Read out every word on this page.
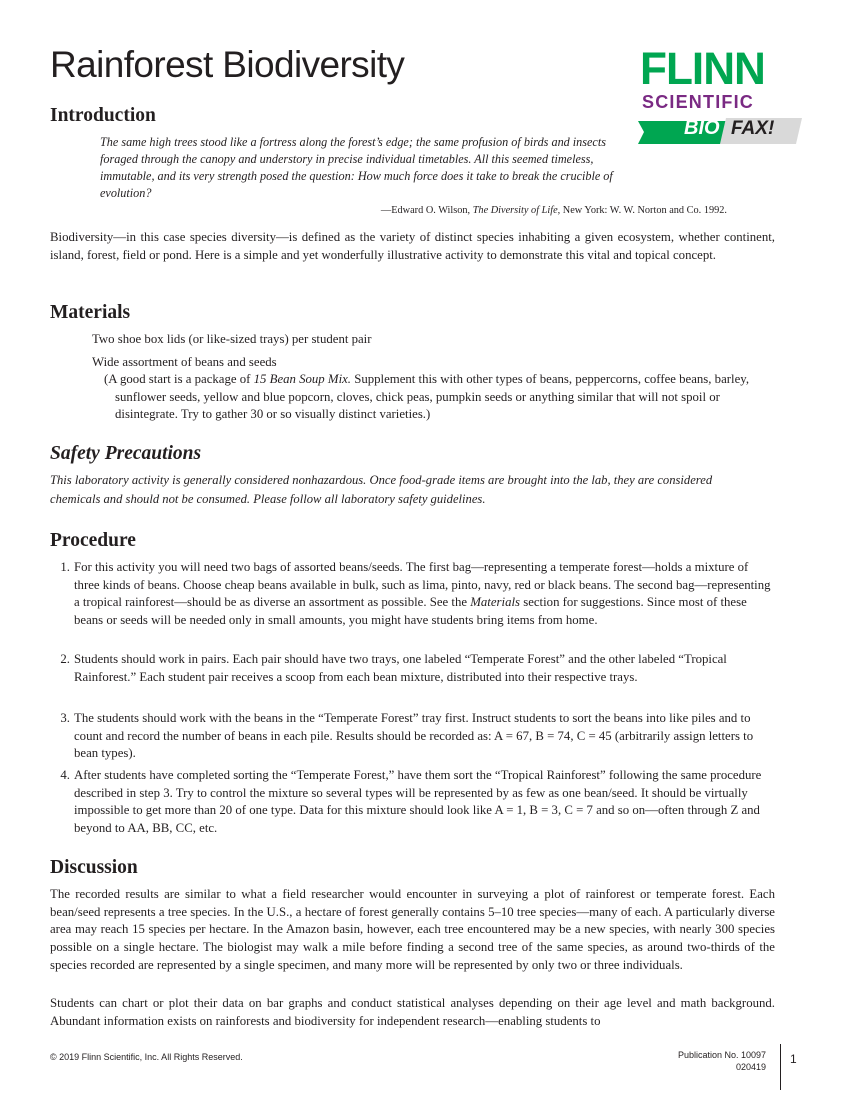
Rainforest Biodiversity	FLINN
SCIENTIFIC
BIO FAX!
Introduction

The same high trees stood like a fortress along the forest’s edge; the same profusion of birds and insects foraged through the canopy and understory in precise individual timetables. All this seemed timeless, immutable, and its very strength posed the question: How much force does it take to break the crucible of evolution?

—Edward O. Wilson, The Diversity of Life, New York: W. W. Norton and Co. 1992.

Biodiversity—in this case species diversity—is defined as the variety of distinct species inhabiting a given ecosystem, whether continent, island, forest, field or pond. Here is a simple and yet wonderfully illustrative activity to demonstrate this vital and topical concept.

Materials

Two shoe box lids (or like-sized trays) per student pair

Wide assortment of beans and seeds

(A good start is a package of 15 Bean Soup Mix. Supplement this with other types of beans, peppercorns, coffee beans, barley, sunflower seeds, yellow and blue popcorn, cloves, chick peas, pumpkin seeds or anything similar that will not spoil or disintegrate. Try to gather 30 or so visually distinct varieties.)

Safety Precautions

This laboratory activity is generally considered nonhazardous. Once food-grade items are brought into the lab, they are considered chemicals and should not be consumed. Please follow all laboratory safety guidelines.

Procedure
1. For this activity you will need two bags of assorted beans/seeds. The first bag—representing a temperate forest—holds a mixture of three kinds of beans. Choose cheap beans available in bulk, such as lima, pinto, navy, red or black beans. The second bag—representing a tropical rainforest—should be as diverse an assortment as possible. See the Materials section for suggestions. Since most of these beans or seeds will be needed only in small amounts, you might have students bring items from home.
2. Students should work in pairs. Each pair should have two trays, one labeled “Temperate Forest” and the other labeled “Tropical Rainforest.” Each student pair receives a scoop from each bean mixture, distributed into their respective trays.
3. The students should work with the beans in the “Temperate Forest” tray first. Instruct students to sort the beans into like piles and to count and record the number of beans in each pile. Results should be recorded as: A = 67, B = 74, C = 45 (arbitrarily assign letters to bean types).
4. After students have completed sorting the “Temperate Forest,” have them sort the “Tropical Rainforest” following the same procedure described in step 3. Try to control the mixture so several types will be represented by as few as one bean/seed. It should be virtually impossible to get more than 20 of one type. Data for this mixture should look like A = 1, B = 3, C = 7 and so on—often through Z and beyond to AA, BB, CC, etc.
Discussion

The recorded results are similar to what a field researcher would encounter in surveying a plot of rainforest or temperate forest. Each bean/seed represents a tree species. In the U.S., a hectare of forest generally contains 5–10 tree species—many of each. A particularly diverse area may reach 15 species per hectare. In the Amazon basin, however, each tree encountered may be a new species, with nearly 300 species possible on a single hectare. The biologist may walk a mile before finding a second tree of the same species, as around two-thirds of the species recorded are represented by a single specimen, and many more will be represented by only two or three individuals.

Students can chart or plot their data on bar graphs and conduct statistical analyses depending on their age level and math background. Abundant information exists on rainforests and biodiversity for independent research—enabling students to

© 2019 Flinn Scientific, Inc. All Rights Reserved.	Publication No. 10097
020419
1
